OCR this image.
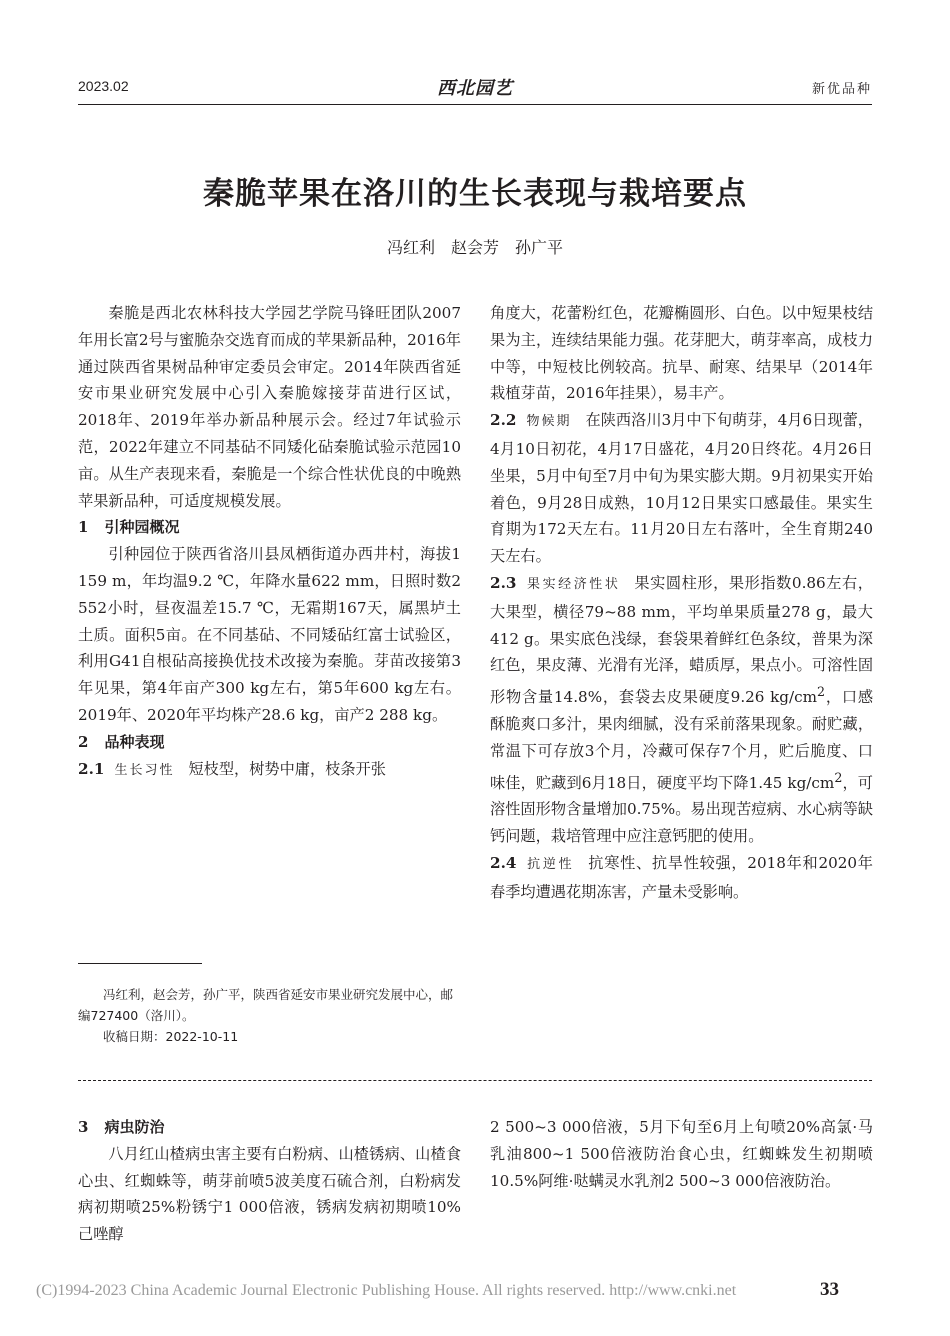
2023.02	西北园艺	新优品种
秦脆苹果在洛川的生长表现与栽培要点
冯红利　赵会芳　孙广平

秦脆是西北农林科技大学园艺学院马锋旺团队2007年用长富2号与蜜脆杂交选育而成的苹果新品种，2016年通过陕西省果树品种审定委员会审定。2014年陕西省延安市果业研究发展中心引入秦脆嫁接芽苗进行区试，2018年、2019年举办新品种展示会。经过7年试验示范，2022年建立不同基砧不同矮化砧秦脆试验示范园10亩。从生产表现来看，秦脆是一个综合性状优良的中晚熟苹果新品种，可适度规模发展。

1 引种园概况

引种园位于陕西省洛川县凤栖街道办西井村，海拔1 159 m，年均温9.2 ℃，年降水量622 mm，日照时数2 552小时，昼夜温差15.7 ℃，无霜期167天，属黑垆土土质。面积5亩。在不同基砧、不同矮砧红富士试验区，利用G41自根砧高接换优技术改接为秦脆。芽苗改接第3年见果，第4年亩产300 kg左右，第5年600 kg左右。2019年、2020年平均株产28.6 kg，亩产2 288 kg。

2 品种表现

2.1 生长习性 短枝型，树势中庸，枝条开张

冯红利，赵会芳，孙广平，陕西省延安市果业研究发展中心，邮编727400（洛川）。

收稿日期：2022-10-11

角度大，花蕾粉红色，花瓣椭圆形、白色。以中短果枝结果为主，连续结果能力强。花芽肥大，萌芽率高，成枝力中等，中短枝比例较高。抗旱、耐寒、结果早（2014年栽植芽苗，2016年挂果），易丰产。

2.2 物候期 在陕西洛川3月中下旬萌芽，4月6日现蕾，4月10日初花，4月17日盛花，4月20日终花。4月26日坐果，5月中旬至7月中旬为果实膨大期。9月初果实开始着色，9月28日成熟，10月12日果实口感最佳。果实生育期为172天左右。11月20日左右落叶，全生育期240天左右。

2.3 果实经济性状 果实圆柱形，果形指数0.86左右，大果型，横径79~88 mm，平均单果质量278 g，最大412 g。果实底色浅绿，套袋果着鲜红色条纹，普果为深红色，果皮薄、光滑有光泽，蜡质厚，果点小。可溶性固形物含量14.8%，套袋去皮果硬度9.26 $kg/cm^2$，口感酥脆爽口多汁，果肉细腻，没有采前落果现象。耐贮藏，常温下可存放3个月，冷藏可保存7个月，贮后脆度、口味佳，贮藏到6月18日，硬度平均下降1.45 $kg/cm^2$，可溶性固形物含量增加0.75%。易出现苦痘病、水心病等缺钙问题，栽培管理中应注意钙肥的使用。

2.4 抗逆性 抗寒性、抗旱性较强，2018年和2020年春季均遭遇花期冻害，产量未受影响。

3 病虫防治

八月红山楂病虫害主要有白粉病、山楂锈病、山楂食心虫、红蜘蛛等，萌芽前喷5波美度石硫合剂，白粉病发病初期喷25%粉锈宁1 000倍液，锈病发病初期喷10%己唑醇

2 500~3 000倍液，5月下旬至6月上旬喷20%高氯·马乳油800~1 500倍液防治食心虫，红蜘蛛发生初期喷10.5%阿维·哒螨灵水乳剂2 500~3 000倍液防治。

(C)1994-2023 China Academic Journal Electronic Publishing House. All rights reserved. http://www.cnki.net	33
